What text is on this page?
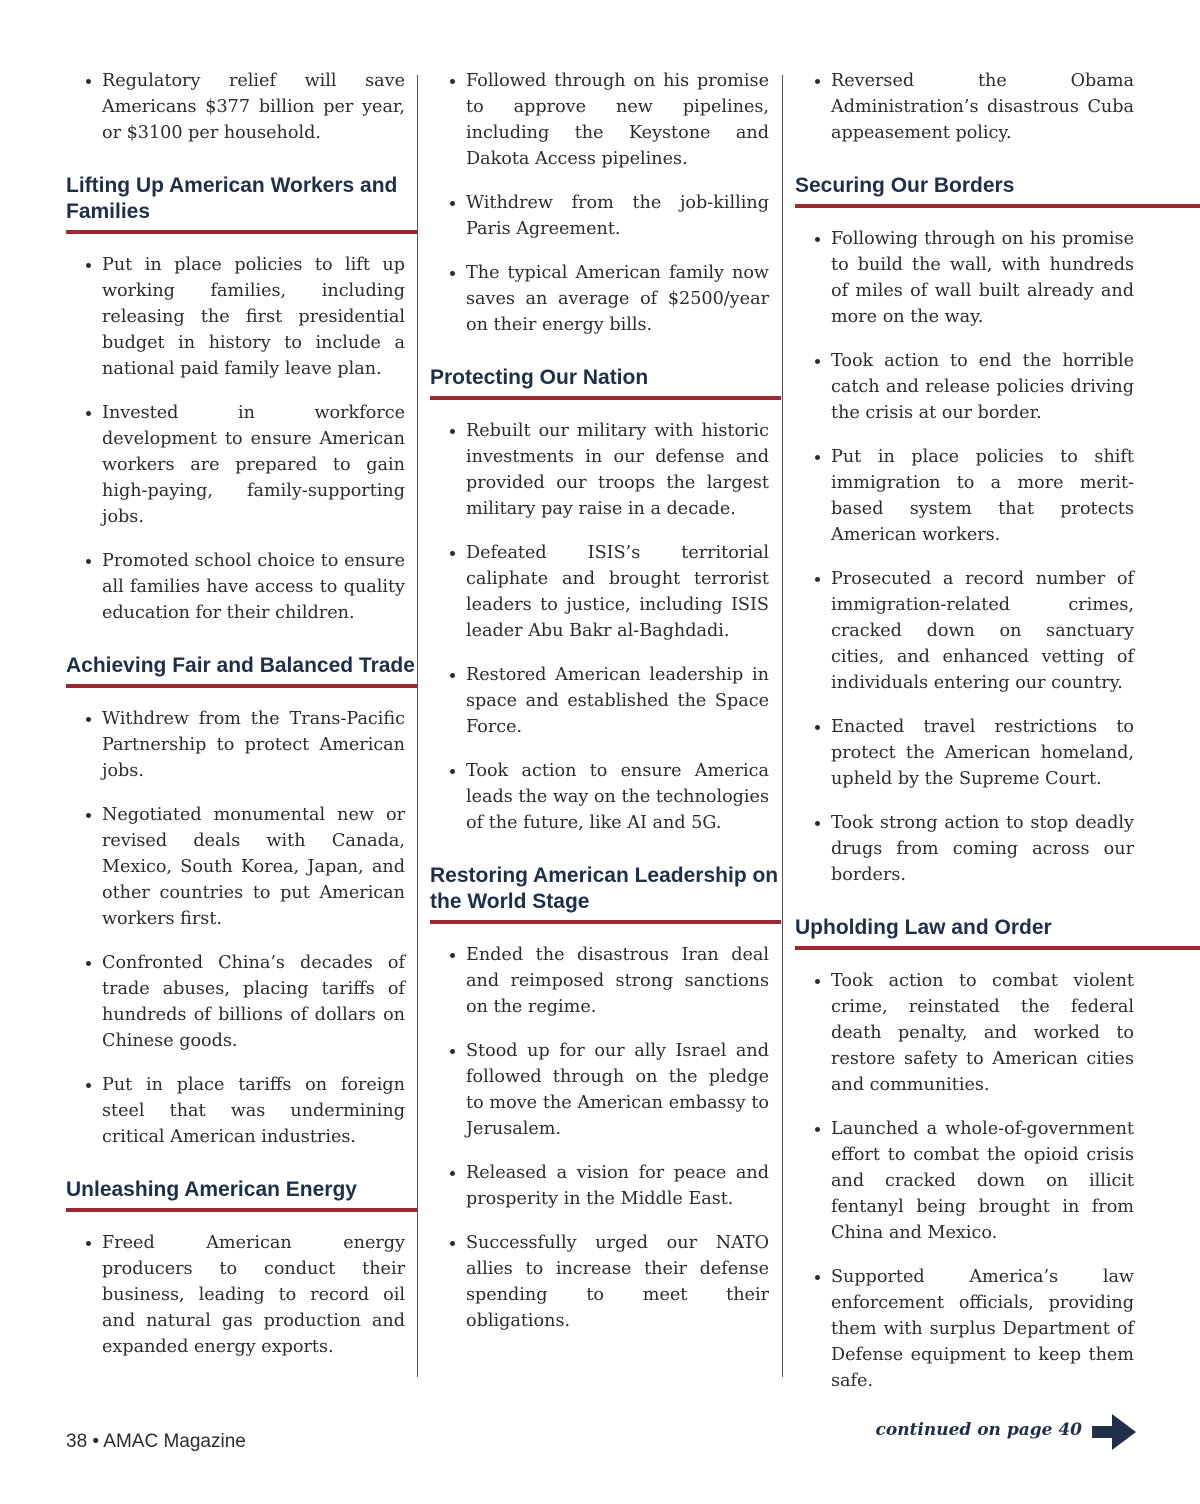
Regulatory relief will save Americans $377 billion per year, or $3100 per household.
Lifting Up American Workers and Families
Put in place policies to lift up working families, including releasing the first presidential budget in history to include a national paid family leave plan.
Invested in workforce development to ensure American workers are prepared to gain high-paying, family-supporting jobs.
Promoted school choice to ensure all families have access to quality education for their children.
Achieving Fair and Balanced Trade
Withdrew from the Trans-Pacific Partnership to protect American jobs.
Negotiated monumental new or revised deals with Canada, Mexico, South Korea, Japan, and other countries to put American workers first.
Confronted China’s decades of trade abuses, placing tariffs of hundreds of billions of dollars on Chinese goods.
Put in place tariffs on foreign steel that was undermining critical American industries.
Unleashing American Energy
Freed American energy producers to conduct their business, leading to record oil and natural gas production and expanded energy exports.
Followed through on his promise to approve new pipelines, including the Keystone and Dakota Access pipelines.
Withdrew from the job-killing Paris Agreement.
The typical American family now saves an average of $2500/year on their energy bills.
Protecting Our Nation
Rebuilt our military with historic investments in our defense and provided our troops the largest military pay raise in a decade.
Defeated ISIS’s territorial caliphate and brought terrorist leaders to justice, including ISIS leader Abu Bakr al-Baghdadi.
Restored American leadership in space and established the Space Force.
Took action to ensure America leads the way on the technologies of the future, like AI and 5G.
Restoring American Leadership on the World Stage
Ended the disastrous Iran deal and reimposed strong sanctions on the regime.
Stood up for our ally Israel and followed through on the pledge to move the American embassy to Jerusalem.
Released a vision for peace and prosperity in the Middle East.
Successfully urged our NATO allies to increase their defense spending to meet their obligations.
Reversed the Obama Administration’s disastrous Cuba appeasement policy.
Securing Our Borders
Following through on his promise to build the wall, with hundreds of miles of wall built already and more on the way.
Took action to end the horrible catch and release policies driving the crisis at our border.
Put in place policies to shift immigration to a more merit-based system that protects American workers.
Prosecuted a record number of immigration-related crimes, cracked down on sanctuary cities, and enhanced vetting of individuals entering our country.
Enacted travel restrictions to protect the American homeland, upheld by the Supreme Court.
Took strong action to stop deadly drugs from coming across our borders.
Upholding Law and Order
Took action to combat violent crime, reinstated the federal death penalty, and worked to restore safety to American cities and communities.
Launched a whole-of-government effort to combat the opioid crisis and cracked down on illicit fentanyl being brought in from China and Mexico.
Supported America’s law enforcement officials, providing them with surplus Department of Defense equipment to keep them safe.
38 • AMAC Magazine
continued on page 40
